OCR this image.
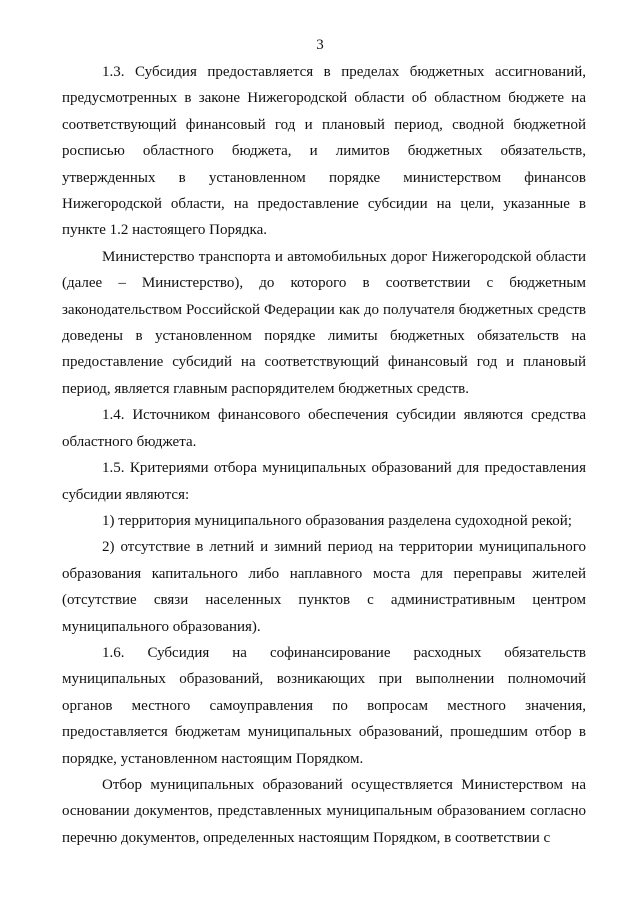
3

1.3. Субсидия предоставляется в пределах бюджетных ассигнований, предусмотренных в законе Нижегородской области об областном бюджете на соответствующий финансовый год и плановый период, сводной бюджетной росписью областного бюджета, и лимитов бюджетных обязательств, утвержденных в установленном порядке министерством финансов Нижегородской области, на предоставление субсидии на цели, указанные в пункте 1.2 настоящего Порядка.

Министерство транспорта и автомобильных дорог Нижегородской области (далее – Министерство), до которого в соответствии с бюджетным законодательством Российской Федерации как до получателя бюджетных средств доведены в установленном порядке лимиты бюджетных обязательств на предоставление субсидий на соответствующий финансовый год и плановый период, является главным распорядителем бюджетных средств.

1.4. Источником финансового обеспечения субсидии являются средства областного бюджета.

1.5. Критериями отбора муниципальных образований для предоставления субсидии являются:

1) территория муниципального образования разделена судоходной рекой;

2) отсутствие в летний и зимний период на территории муниципального образования капитального либо наплавного моста для переправы жителей (отсутствие связи населенных пунктов с административным центром муниципального образования).

1.6. Субсидия на софинансирование расходных обязательств муниципальных образований, возникающих при выполнении полномочий органов местного самоуправления по вопросам местного значения, предоставляется бюджетам муниципальных образований, прошедшим отбор в порядке, установленном настоящим Порядком.

Отбор муниципальных образований осуществляется Министерством на основании документов, представленных муниципальным образованием согласно перечню документов, определенных настоящим Порядком, в соответствии с
